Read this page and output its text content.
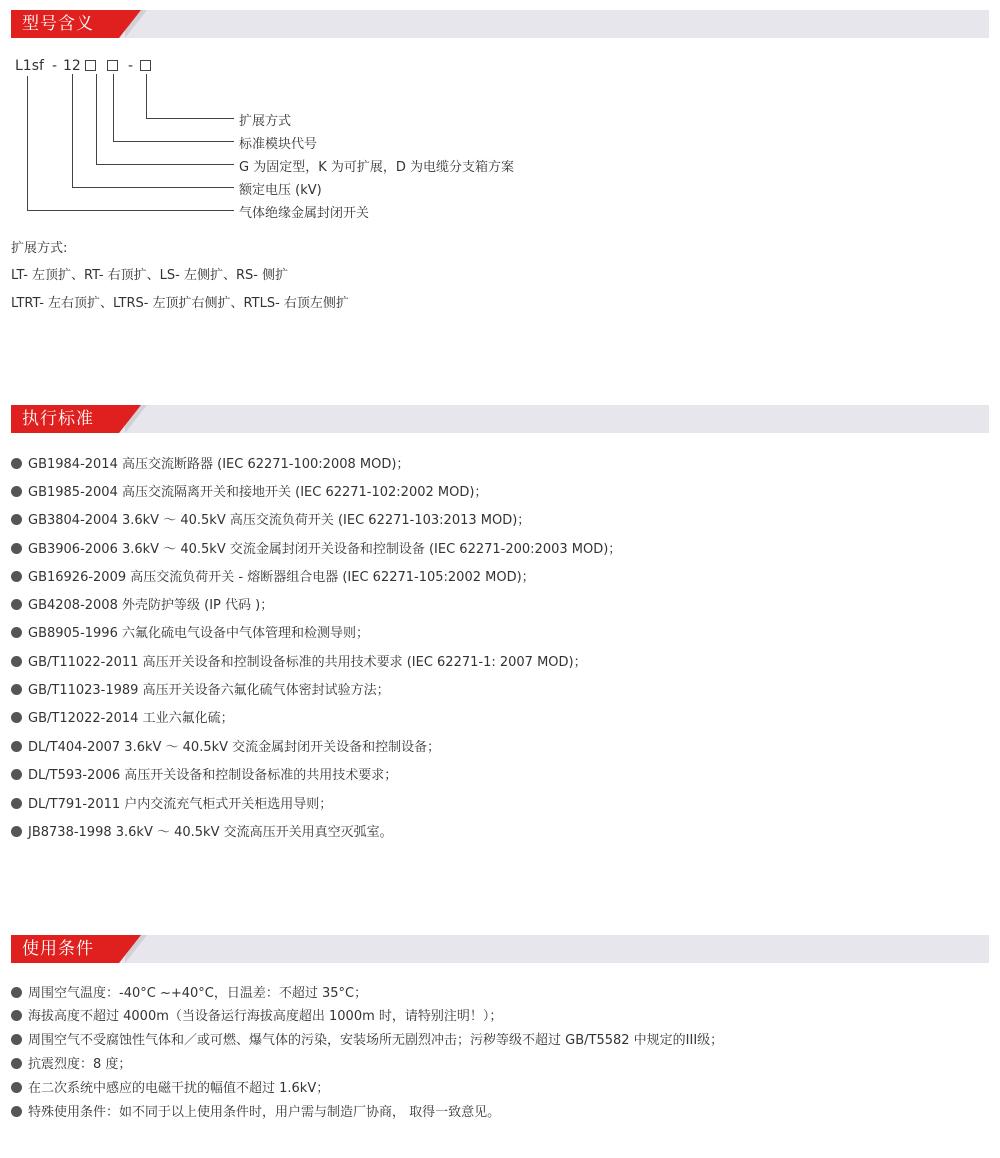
型号含义
L1sf - 12	-
扩展方式
标准模块代号
G 为固定型，K 为可扩展，D 为电缆分支箱方案
额定电压 (kV)
气体绝缘金属封闭开关
扩展方式:
LT- 左顶扩、RT- 右顶扩、LS- 左侧扩、RS- 侧扩
LTRT- 左右顶扩、LTRS- 左顶扩右侧扩、RTLS- 右顶左侧扩
执行标准
GB1984-2014 高压交流断路器 (IEC 62271-100:2008 MOD)；
GB1985-2004 高压交流隔离开关和接地开关 (IEC 62271-102:2002 MOD)；
GB3804-2004 3.6kV ～ 40.5kV 高压交流负荷开关 (IEC 62271-103:2013 MOD)；
GB3906-2006 3.6kV ～ 40.5kV 交流金属封闭开关设备和控制设备 (IEC 62271-200:2003 MOD)；
GB16926-2009 高压交流负荷开关 - 熔断器组合电器 (IEC 62271-105:2002 MOD)；
GB4208-2008 外壳防护等级 (IP 代码 )；
GB8905-1996 六氟化硫电气设备中气体管理和检测导则；
GB/T11022-2011 高压开关设备和控制设备标准的共用技术要求 (IEC 62271-1: 2007 MOD)；
GB/T11023-1989 高压开关设备六氟化硫气体密封试验方法；
GB/T12022-2014 工业六氟化硫；
DL/T404-2007 3.6kV ～ 40.5kV 交流金属封闭开关设备和控制设备；
DL/T593-2006 高压开关设备和控制设备标准的共用技术要求；
DL/T791-2011 户内交流充气柜式开关柜选用导则；
JB8738-1998 3.6kV ～ 40.5kV 交流高压开关用真空灭弧室。
使用条件
周围空气温度：-40°C ~+40°C，日温差：不超过 35°C；
海拔高度不超过 4000m（当设备运行海拔高度超出 1000m 时，请特别注明！）；
周围空气不受腐蚀性气体和／或可燃、爆气体的污染，安装场所无剧烈冲击；污秽等级不超过 GB/T5582 中规定的III级；
抗震烈度：8 度；
在二次系统中感应的电磁干扰的幅值不超过 1.6kV；
特殊使用条件：如不同于以上使用条件时，用户需与制造厂协商， 取得一致意见。
